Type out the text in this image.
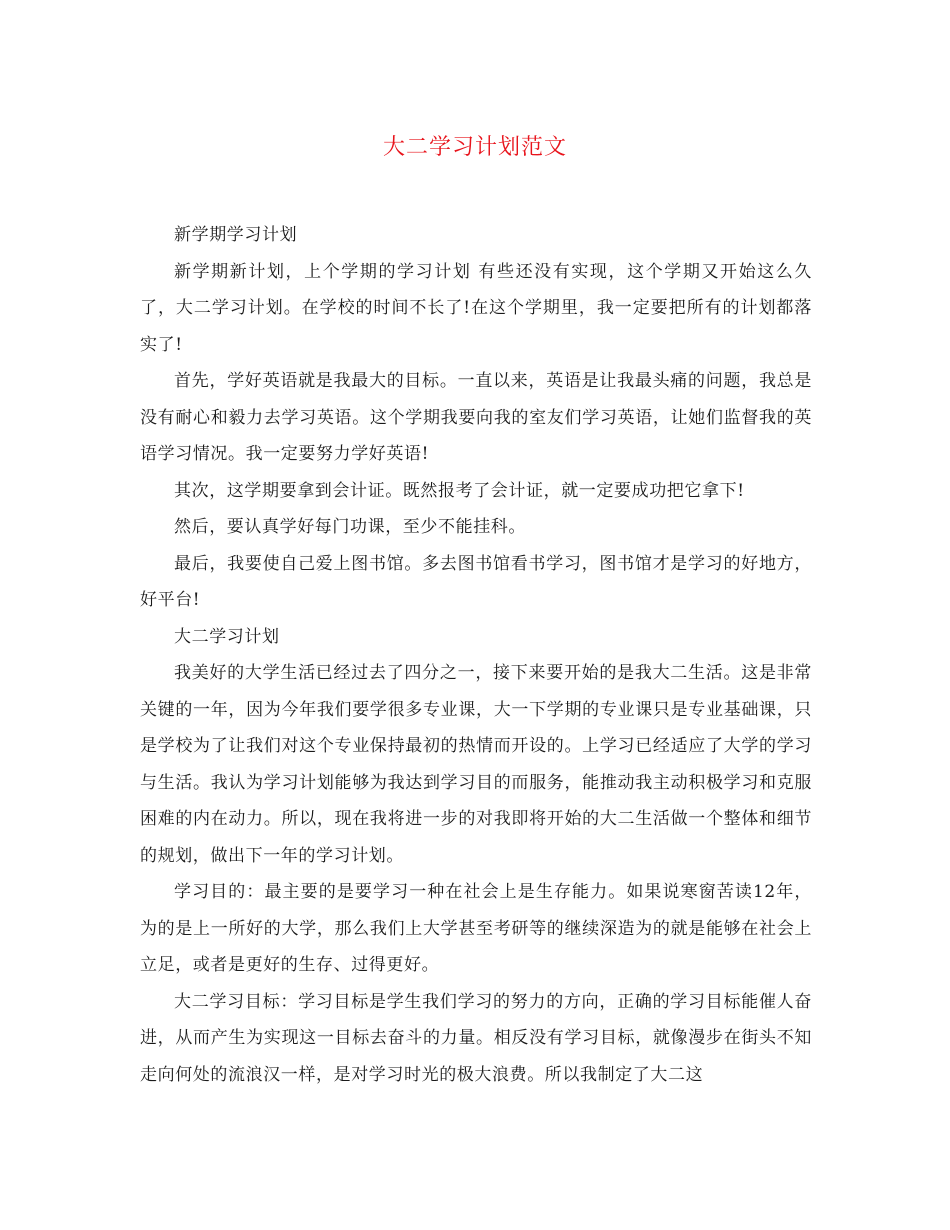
大二学习计划范文

新学期学习计划

新学期新计划，上个学期的学习计划 有些还没有实现，这个学期又开始这么久了，大二学习计划。在学校的时间不长了!在这个学期里，我一定要把所有的计划都落实了!

首先，学好英语就是我最大的目标。一直以来，英语是让我最头痛的问题，我总是没有耐心和毅力去学习英语。这个学期我要向我的室友们学习英语，让她们监督我的英语学习情况。我一定要努力学好英语!

其次，这学期要拿到会计证。既然报考了会计证，就一定要成功把它拿下!

然后，要认真学好每门功课，至少不能挂科。

最后，我要使自己爱上图书馆。多去图书馆看书学习，图书馆才是学习的好地方，好平台!

大二学习计划

我美好的大学生活已经过去了四分之一，接下来要开始的是我大二生活。这是非常关键的一年，因为今年我们要学很多专业课，大一下学期的专业课只是专业基础课，只是学校为了让我们对这个专业保持最初的热情而开设的。上学习已经适应了大学的学习与生活。我认为学习计划能够为我达到学习目的而服务，能推动我主动积极学习和克服困难的内在动力。所以，现在我将进一步的对我即将开始的大二生活做一个整体和细节的规划，做出下一年的学习计划。

学习目的：最主要的是要学习一种在社会上是生存能力。如果说寒窗苦读12年，为的是上一所好的大学，那么我们上大学甚至考研等的继续深造为的就是能够在社会上立足，或者是更好的生存、过得更好。

大二学习目标：学习目标是学生我们学习的努力的方向，正确的学习目标能催人奋进，从而产生为实现这一目标去奋斗的力量。相反没有学习目标，就像漫步在街头不知走向何处的流浪汉一样，是对学习时光的极大浪费。所以我制定了大二这
